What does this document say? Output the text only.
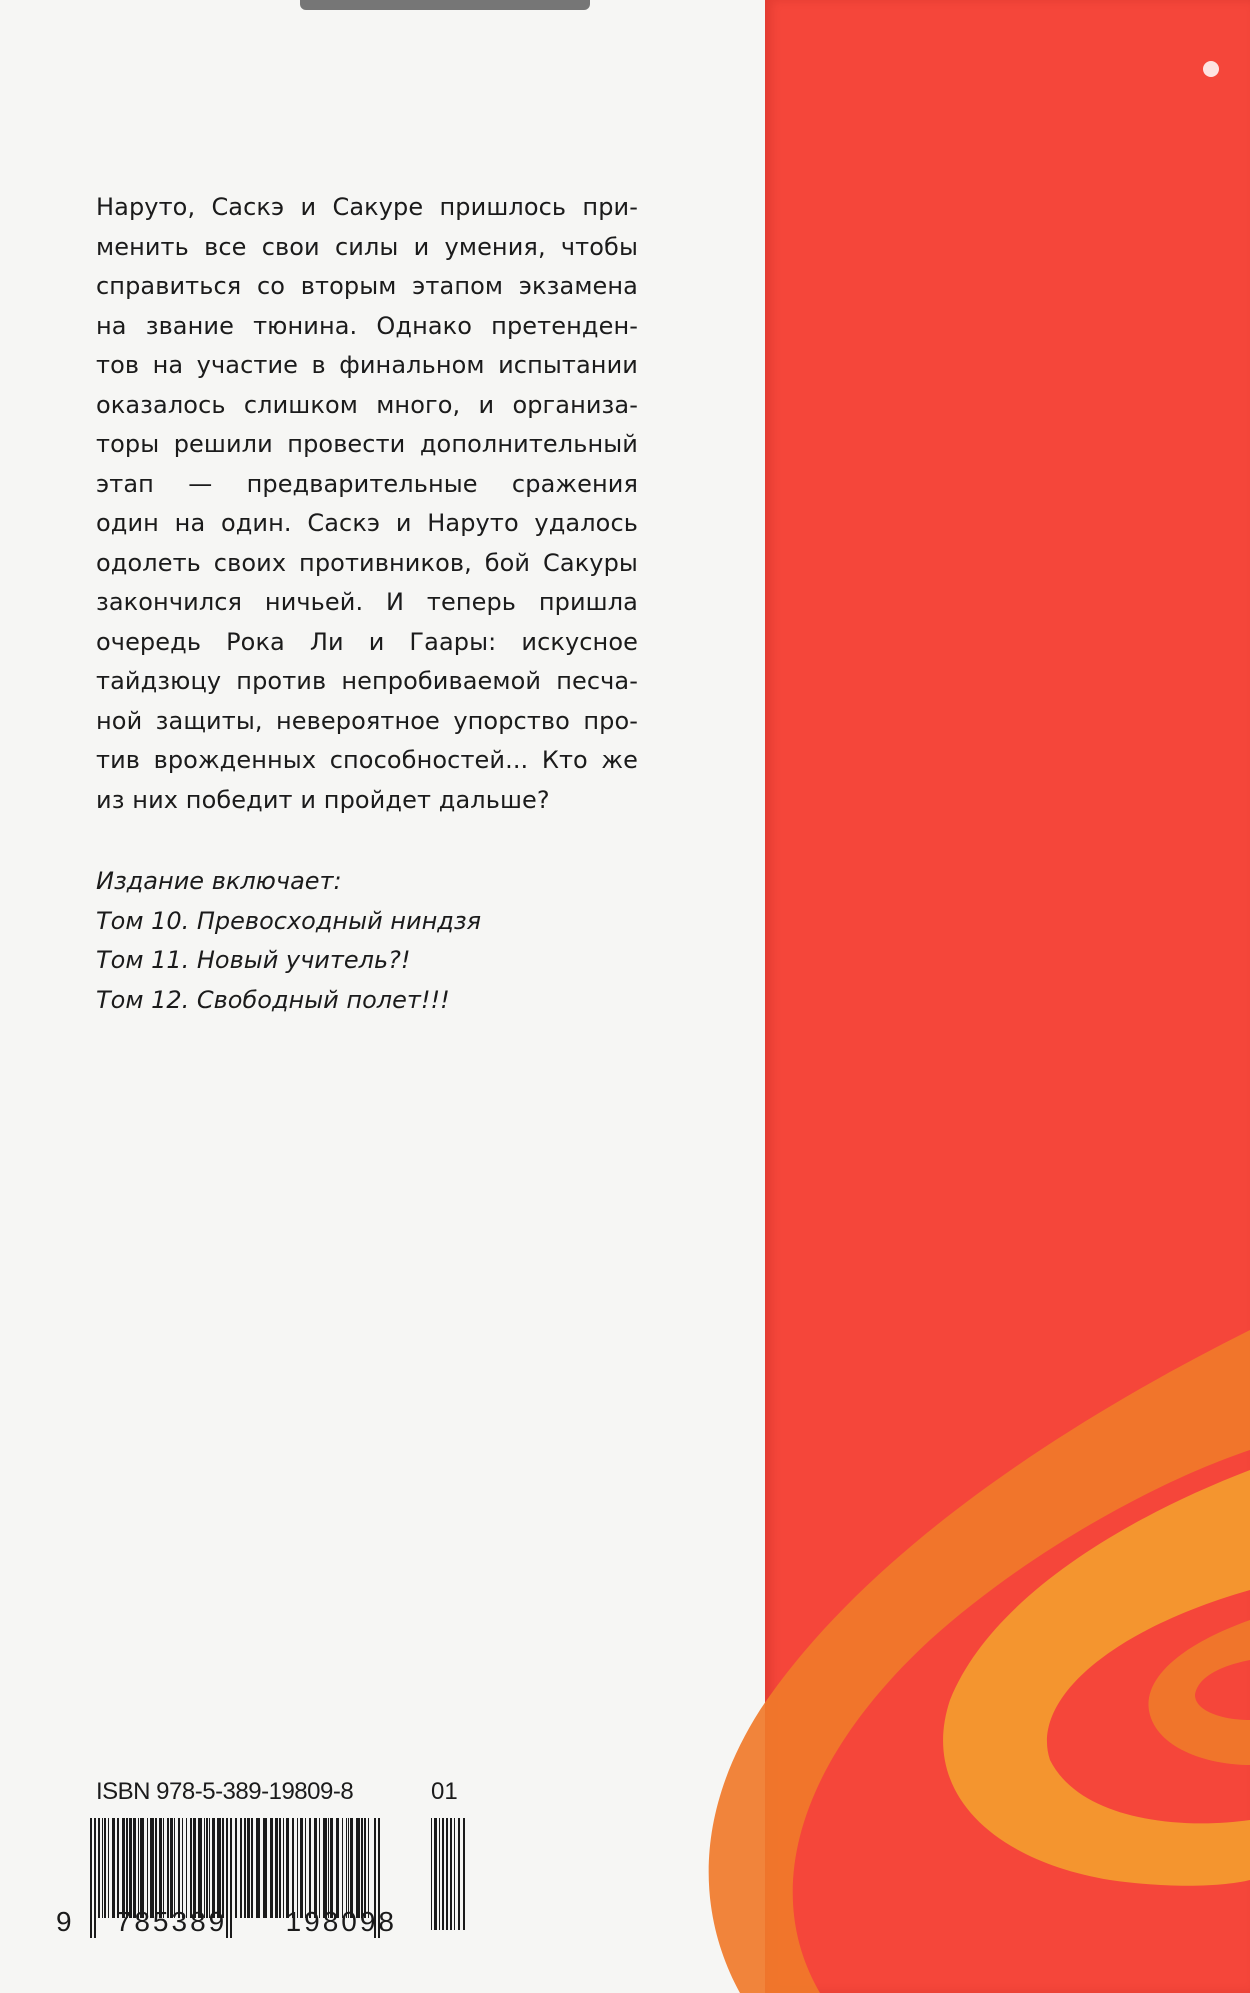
Наруто, Саскэ и Сакуре пришлось при-
менить все свои силы и умения, чтобы
справиться со вторым этапом экзамена
на звание тюнина. Однако претенден-
тов на участие в финальном испытании
оказалось слишком много, и организа-
торы решили провести дополнительный
этап — предварительные сражения
один на один. Саскэ и Наруто удалось
одолеть своих противников, бой Сакуры
закончился ничьей. И теперь пришла
очередь Рока Ли и Гаары: искусное
тайдзюцу против непробиваемой песча-
ной защиты, невероятное упорство про-
тив врожденных способностей... Кто же
из них победит и пройдет дальше?
Издание включает:
Том 10. Превосходный ниндзя
Том 11. Новый учитель?!
Том 12. Свободный полет!!!
ISBN 978-5-389-19809-8	01
9 785389 198098
